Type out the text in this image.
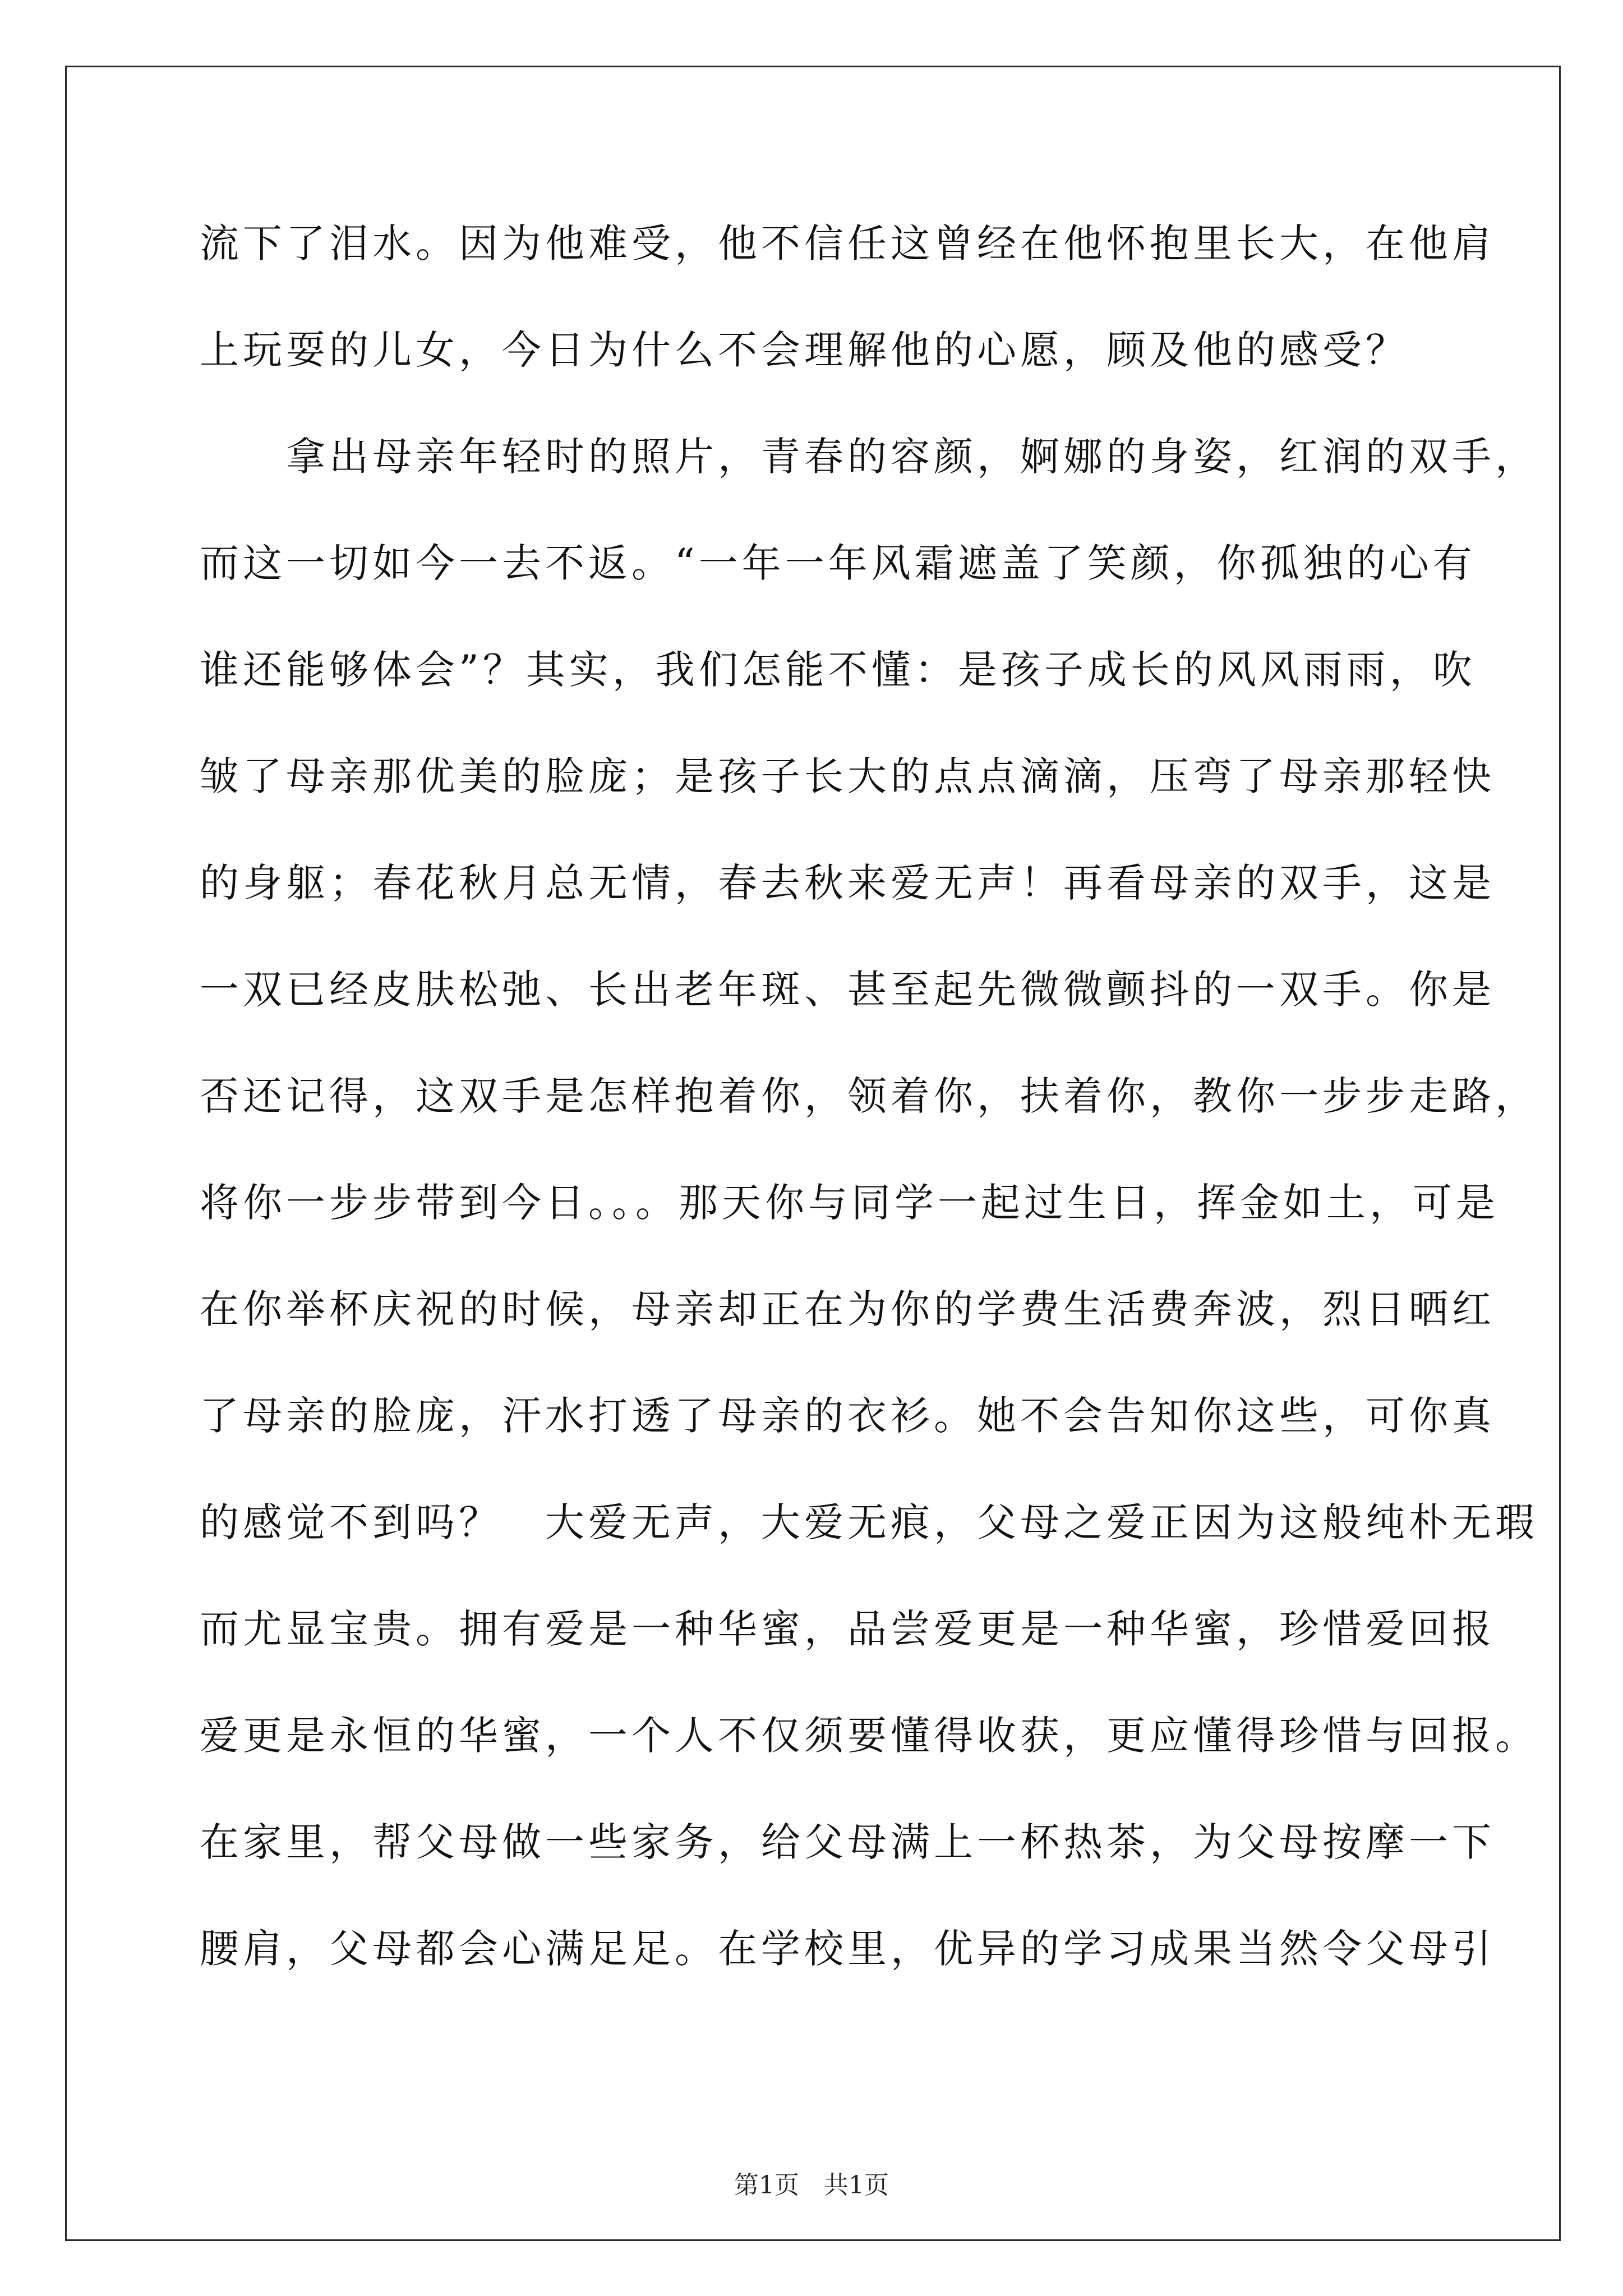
流下了泪水。因为他难受，他不信任这曾经在他怀抱里长大，在他肩
上玩耍的儿女，今日为什么不会理解他的心愿，顾及他的感受？
　　拿出母亲年轻时的照片，青春的容颜，婀娜的身姿，红润的双手，
而这一切如今一去不返。“一年一年风霜遮盖了笑颜，你孤独的心有
谁还能够体会”？其实，我们怎能不懂：是孩子成长的风风雨雨，吹
皱了母亲那优美的脸庞；是孩子长大的点点滴滴，压弯了母亲那轻快
的身躯；春花秋月总无情，春去秋来爱无声！再看母亲的双手，这是
一双已经皮肤松弛、长出老年斑、甚至起先微微颤抖的一双手。你是
否还记得，这双手是怎样抱着你，领着你，扶着你，教你一步步走路，
将你一步步带到今日。。。那天你与同学一起过生日，挥金如土，可是
在你举杯庆祝的时候，母亲却正在为你的学费生活费奔波，烈日晒红
了母亲的脸庞，汗水打透了母亲的衣衫。她不会告知你这些，可你真
的感觉不到吗？　大爱无声，大爱无痕，父母之爱正因为这般纯朴无瑕
而尤显宝贵。拥有爱是一种华蜜，品尝爱更是一种华蜜，珍惜爱回报
爱更是永恒的华蜜，一个人不仅须要懂得收获，更应懂得珍惜与回报。
在家里，帮父母做一些家务，给父母满上一杯热茶，为父母按摩一下
腰肩，父母都会心满足足。在学校里，优异的学习成果当然令父母引
第1页 共1页
